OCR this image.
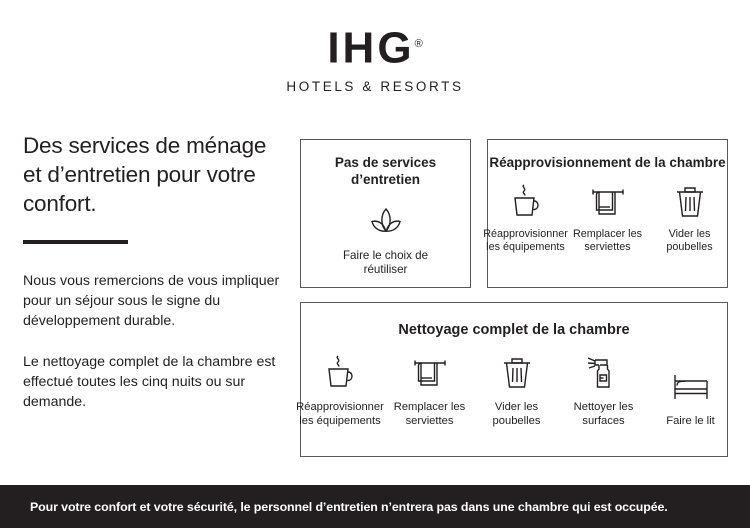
IHG®
HOTELS & RESORTS
Des services de ménage et d’entretien pour votre confort.

Nous vous remercions de vous impliquer pour un séjour sous le signe du développement durable.

Le nettoyage complet de la chambre est effectué toutes les cinq nuits ou sur demande.

Pas de services d’entretien

Faire le choix de réutiliser

Réapprovisionnement de la chambre

Réapprovisionner les équipements
Remplacer les serviettes
Vider les poubelles

Nettoyage complet de la chambre

Réapprovisionner les équipements
Remplacer les serviettes
Vider les poubelles
Nettoyer les surfaces	Faire le lit
Pour votre confort et votre sécurité, le personnel d’entretien n’entrera pas dans une chambre qui est occupée.
